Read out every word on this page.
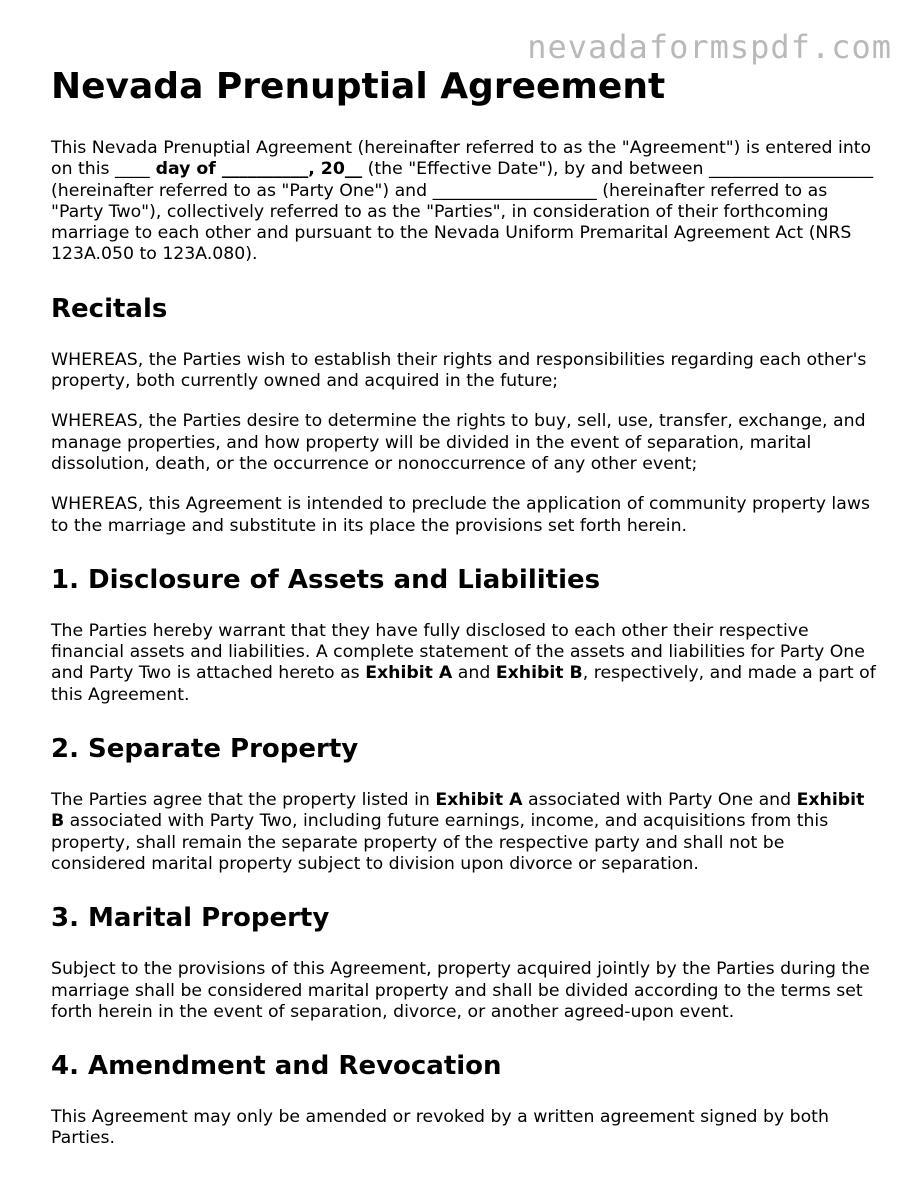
nevadaformspdf.com
Nevada Prenuptial Agreement

This Nevada Prenuptial Agreement (hereinafter referred to as the "Agreement") is entered into on this ____ day of __________, 20__ (the "Effective Date"), by and between ___________________ (hereinafter referred to as "Party One") and ___________________ (hereinafter referred to as "Party Two"), collectively referred to as the "Parties", in consideration of their forthcoming marriage to each other and pursuant to the Nevada Uniform Premarital Agreement Act (NRS 123A.050 to 123A.080).

Recitals

WHEREAS, the Parties wish to establish their rights and responsibilities regarding each other's property, both currently owned and acquired in the future;

WHEREAS, the Parties desire to determine the rights to buy, sell, use, transfer, exchange, and manage properties, and how property will be divided in the event of separation, marital dissolution, death, or the occurrence or nonoccurrence of any other event;

WHEREAS, this Agreement is intended to preclude the application of community property laws to the marriage and substitute in its place the provisions set forth herein.

1. Disclosure of Assets and Liabilities

The Parties hereby warrant that they have fully disclosed to each other their respective financial assets and liabilities. A complete statement of the assets and liabilities for Party One and Party Two is attached hereto as Exhibit A and Exhibit B, respectively, and made a part of this Agreement.

2. Separate Property

The Parties agree that the property listed in Exhibit A associated with Party One and Exhibit B associated with Party Two, including future earnings, income, and acquisitions from this property, shall remain the separate property of the respective party and shall not be considered marital property subject to division upon divorce or separation.

3. Marital Property

Subject to the provisions of this Agreement, property acquired jointly by the Parties during the marriage shall be considered marital property and shall be divided according to the terms set forth herein in the event of separation, divorce, or another agreed-upon event.

4. Amendment and Revocation

This Agreement may only be amended or revoked by a written agreement signed by both Parties.
